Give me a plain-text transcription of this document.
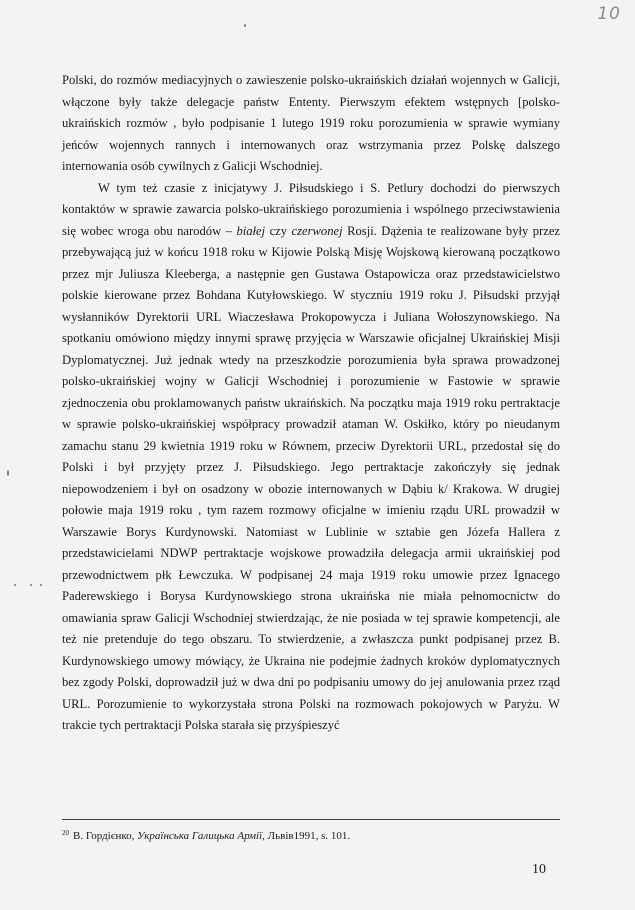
10

Polski, do rozmów mediacyjnych o zawieszenie polsko-ukraińskich działań wojennych w Galicji, włączone były także delegacje państw Ententy. Pierwszym efektem wstępnych [polsko-ukraińskich rozmów , było podpisanie 1 lutego 1919 roku porozumienia w sprawie wymiany jeńców wojennych rannych i internowanych oraz wstrzymania przez Polskę dalszego internowania osób cywilnych z Galicji Wschodniej.

W tym też czasie z inicjatywy J. Piłsudskiego i S. Petlury dochodzi do pierwszych kontaktów w sprawie zawarcia polsko-ukraińskiego porozumienia i wspólnego przeciwstawienia się wobec wroga obu narodów – białej czy czerwonej Rosji. Dążenia te realizowane były przez przebywającą już w końcu 1918 roku w Kijowie Polską Misję Wojskową kierowaną początkowo przez mjr Juliusza Kleeberga, a następnie gen Gustawa Ostapowicza oraz przedstawicielstwo polskie kierowane przez Bohdana Kutyłowskiego. W styczniu 1919 roku J. Piłsudski przyjął wysłanników Dyrektorii URL Wiaczesława Prokopowycza i Juliana Wołoszynowskiego. Na spotkaniu omówiono między innymi sprawę przyjęcia w Warszawie oficjalnej Ukraińskiej Misji Dyplomatycznej. Już jednak wtedy na przeszkodzie porozumienia była sprawa prowadzonej polsko-ukraińskiej wojny w Galicji Wschodniej i porozumienie w Fastowie w sprawie zjednoczenia obu proklamowanych państw ukraińskich. Na początku maja 1919 roku pertraktacje w sprawie polsko-ukraińskiej współpracy prowadził ataman W. Oskiłko, który po nieudanym zamachu stanu 29 kwietnia 1919 roku w Równem, przeciw Dyrektorii URL, przedostał się do Polski i był przyjęty przez J. Piłsudskiego. Jego pertraktacje zakończyły się jednak niepowodzeniem i był on osadzony w obozie internowanych w Dąbiu k/ Krakowa. W drugiej połowie maja 1919 roku , tym razem rozmowy oficjalne w imieniu rządu URL prowadził w Warszawie Borys Kurdynowski. Natomiast w Lublinie w sztabie gen Józefa Hallera z przedstawicielami NDWP pertraktacje wojskowe prowadziła delegacja armii ukraińskiej pod przewodnictwem płk Łewczuka. W podpisanej 24 maja 1919 roku umowie przez Ignacego Paderewskiego i Borysa Kurdynowskiego strona ukraińska nie miała pełnomocnictw do omawiania spraw Galicji Wschodniej stwierdzając, że nie posiada w tej sprawie kompetencji, ale też nie pretenduje do tego obszaru. To stwierdzenie, a zwłaszcza punkt podpisanej przez B. Kurdynowskiego umowy mówiący, że Ukraina nie podejmie żadnych kroków dyplomatycznych bez zgody Polski, doprowadził już w dwa dni po podpisaniu umowy do jej anulowania przez rząd URL. Porozumienie to wykorzystała strona Polski na rozmowach pokojowych w Paryżu. W trakcie tych pertraktacji Polska starała się przyśpieszyć

$^{20}$ В. Гордієнко, Українська Галицька Армії, Львів1991, s. 101.
10
